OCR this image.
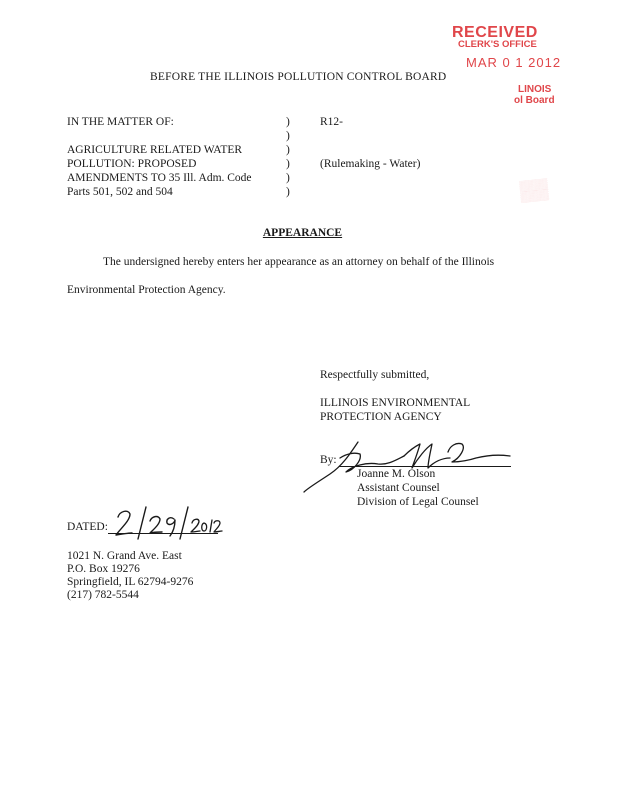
RECEIVED
CLERK'S OFFICE
MAR 0 1 2012
LINOIS
ol Board
▒▒▒▒
▒▒▒▒
BEFORE THE ILLINOIS POLLUTION CONTROL BOARD
IN THE MATTER OF:

AGRICULTURE RELATED WATER
POLLUTION: PROPOSED
AMENDMENTS TO 35 Ill. Adm. Code
Parts 501, 502 and 504
)
)
)
)
)
)
R12-

(Rulemaking - Water)
APPEARANCE
The undersigned hereby enters her appearance as an attorney on behalf of the Illinois
Environmental Protection Agency.
Respectfully submitted,
ILLINOIS ENVIRONMENTAL
PROTECTION AGENCY
By:
Joanne M. Olson
Assistant Counsel
Division of Legal Counsel
DATED:
1021 N. Grand Ave. East
P.O. Box 19276
Springfield, IL 62794-9276
(217) 782-5544
